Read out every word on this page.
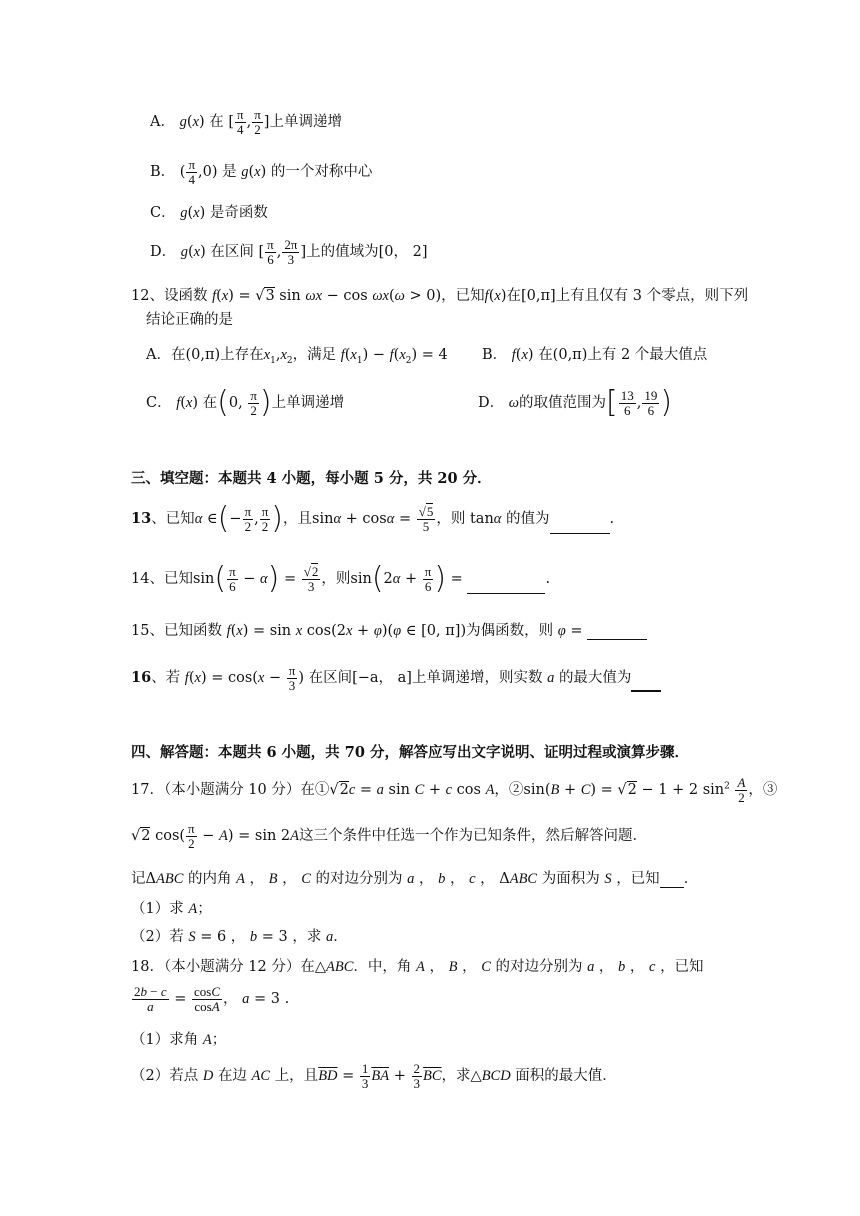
A． g(x) 在 [ $\frac{\pi}{4}$ , $\frac{\pi}{2}$ ]上单调递增
B． ( $\frac{\pi}{4} ,0$) 是 g(x) 的一个对称中心
C． g(x) 是奇函数
D． g(x) 在区间 [ $\frac{\pi}{6}$ , $\frac{2\pi}{3}$ ]上的值域为[0， 2]
12、设函数 f(x) = √3 sin ωx − cos ωx(ω > 0)，已知f(x)在[0,π]上有且仅有 3 个零点，则下列
结论正确的是
A．在(0,π)上存在$x_1,x_2$，满足 $f(x_1) - f(x_2) = 4$ B． f(x) 在(0,π)上有 2 个最大值点
C． f(x) 在(0, $\frac{\pi}{2}$ )上单调递增	D． ω的取值范围为[ $\frac{13}{6}$ , $\frac{19}{6}$ )
三、填空题：本题共 4 小题，每小题 5 分，共 20 分．
13、已知α ∈(− $\frac{\pi}{2}$ , $\frac{\pi}{2}$ )，且$\sin\alpha + \cos\alpha = \frac{√5}{5}$ ，则 tanα 的值为	.
14、已知$\sin( \frac{\pi}{6} - \alpha) = \frac{√2}{3}$ ，则$\sin(2\alpha + \frac{\pi}{6}$ ) =	.
15、已知函数 f(x) = sin x cos(2x + φ)(φ ∈ [0, π])为偶函数，则 φ =
16、若 $f(x) = \cos(x - \frac{\pi}{3}$ ) 在区间[−a， a]上单调递增，则实数 a 的最大值为
四、解答题：本题共 6 小题，共 70 分，解答应写出文字说明、证明过程或演算步骤．
17．（本小题满分 10 分）在①√2c = a sin C + c cos A，②sin(B + C) = √2 − 1 + 2 $\sin^2 \frac{A}{2}$ ，③
√2 $\cos( \frac{\pi}{2} - A) = \sin 2A$这三个条件中任选一个作为已知条件，然后解答问题．
记ΔABC 的内角 A ， B ， C 的对边分别为 a ， b ， c ， ΔABC 为面积为 S ，已知 ．
（1）求 A；
（2）若 S = 6 ， b = 3 ，求 a．
18．（本小题满分 12 分）在△ABC．中，角 A ， B ， C 的对边分别为 a ， b ， c ，已知
$\frac{2b - c}{a} = \frac{\cos C}{\cos A}$ ， a = 3 .
（1）求角 A；
（2）若点 D 在边 AC 上，且$\overline{BD} = \frac{1}{3} \overline{BA} + \frac{2}{3} \overline{BC}$，求△BCD 面积的最大值．
